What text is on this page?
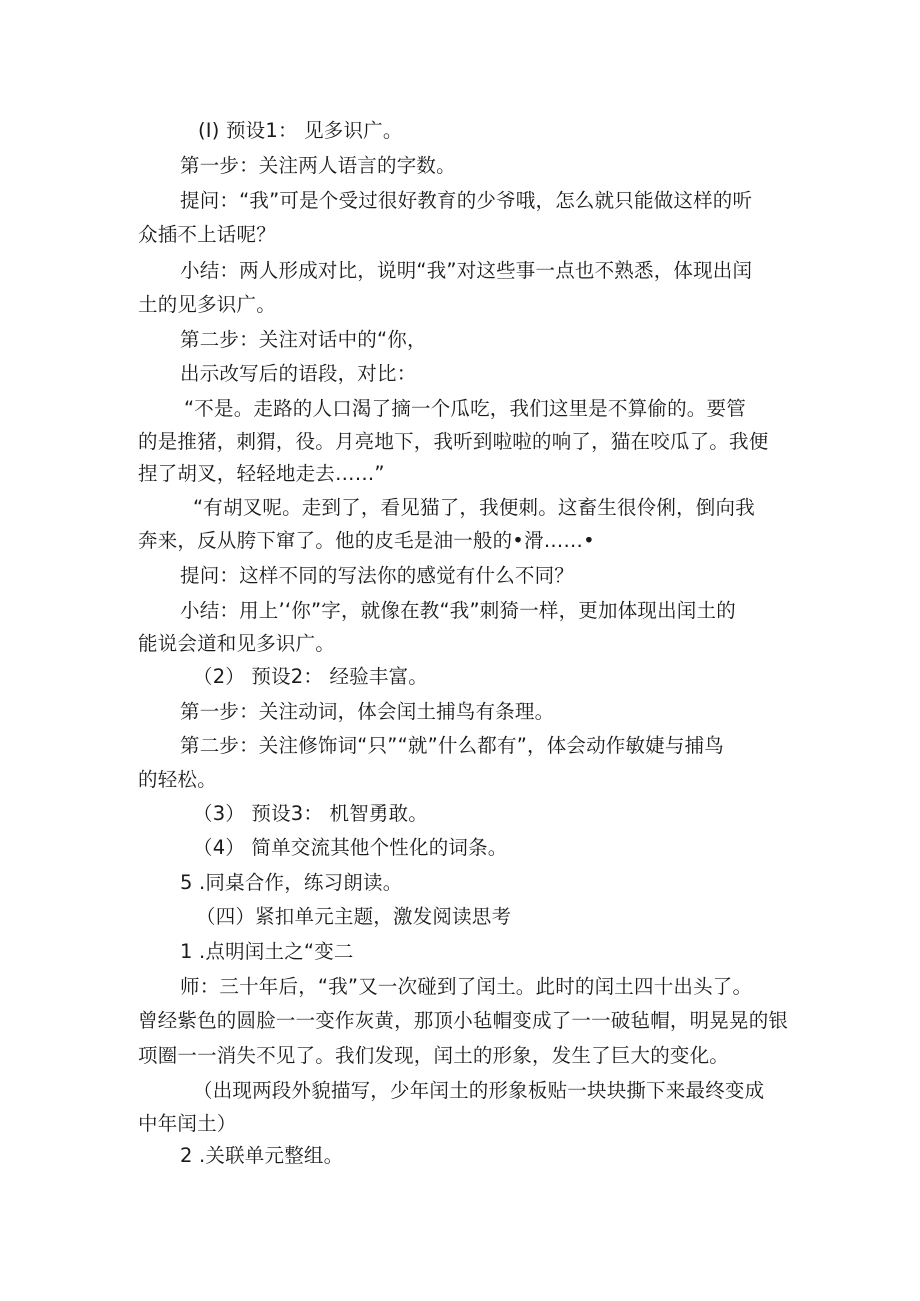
(I) 预设1： 见多识广。
第一步：关注两人语言的字数。
提问：“我”可是个受过很好教育的少爷哦，怎么就只能做这样的听
众插不上话呢？
小结：两人形成对比，说明“我”对这些事一点也不熟悉，体现出闰
土的见多识广。
第二步：关注对话中的“你，
出示改写后的语段，对比：
“不是。走路的人口渴了摘一个瓜吃，我们这里是不算偷的。要管
的是推猪，刺猬，役。月亮地下，我听到啦啦的响了，猫在咬瓜了。我便
捏了胡叉，轻轻地走去……”
“有胡叉呢。走到了，看见猫了，我便刺。这畜生很伶俐，倒向我
奔来，反从胯下窜了。他的皮毛是油一般的•滑……•
提问：这样不同的写法你的感觉有什么不同？
小结：用上’‘你”字，就像在教“我”刺猗一样，更加体现出闰土的
能说会道和见多识广。
（2） 预设2： 经验丰富。
第一步：关注动词，体会闰土捕鸟有条理。
第二步：关注修饰词“只”“就”什么都有”，体会动作敏婕与捕鸟
的轻松。
（3） 预设3： 机智勇敢。
（4） 简单交流其他个性化的词条。
5 .同桌合作，练习朗读。
（四）紧扣单元主题，激发阅读思考
1 .点明闰土之“变二
师：三十年后，“我”又一次碰到了闰土。此时的闰土四十出头了。
曾经紫色的圆脸一一变作灰黄，那顶小毡帽变成了一一破毡帽，明晃晃的银
项圈一一消失不见了。我们发现，闰土的形象，发生了巨大的变化。
（出现两段外貌描写，少年闰土的形象板贴一块块撕下来最终变成
中年闰土）
2 .关联单元整组。
